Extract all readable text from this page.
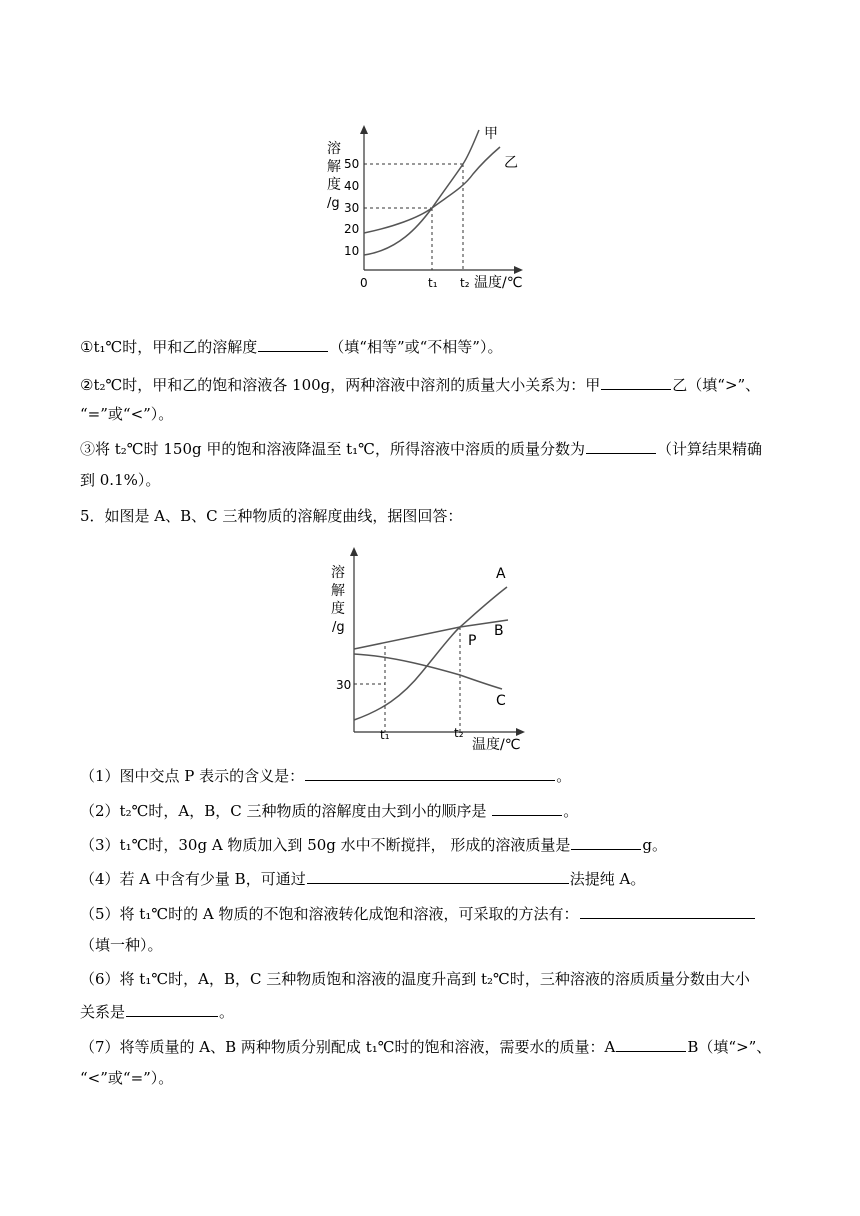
溶
解
度
/g
50
40
30
20
10
0	t₁ t₂ 温度/℃
甲
乙
①t₁℃时，甲和乙的溶解度	（填“相等”或“不相等”）。
②t₂℃时，甲和乙的饱和溶液各 100g，两种溶液中溶剂的质量大小关系为：甲	乙（填“>”、
“=”或“<”）。
③将 t₂℃时 150g 甲的饱和溶液降温至 t₁℃，所得溶液中溶质的质量分数为	（计算结果精确
到 0.1%）。
5．如图是 A、B、C 三种物质的溶解度曲线，据图回答：
溶
解
度
/g
30
t₁	t₂
温度/℃
A
B
C
P
（1）图中交点 P 表示的含义是：	。
（2）t₂℃时，A，B，C 三种物质的溶解度由大到小的顺序是	。
（3）t₁℃时，30g A 物质加入到 50g 水中不断搅拌， 形成的溶液质量是	g。
（4）若 A 中含有少量 B，可通过	法提纯 A。
（5）将 t₁℃时的 A 物质的不饱和溶液转化成饱和溶液，可采取的方法有：
（填一种）。
（6）将 t₁℃时，A，B，C 三种物质饱和溶液的温度升高到 t₂℃时，三种溶液的溶质质量分数由大小
关系是	。
（7）将等质量的 A、B 两种物质分别配成 t₁℃时的饱和溶液，需要水的质量：A	B（填“>”、
“<”或“=”）。
